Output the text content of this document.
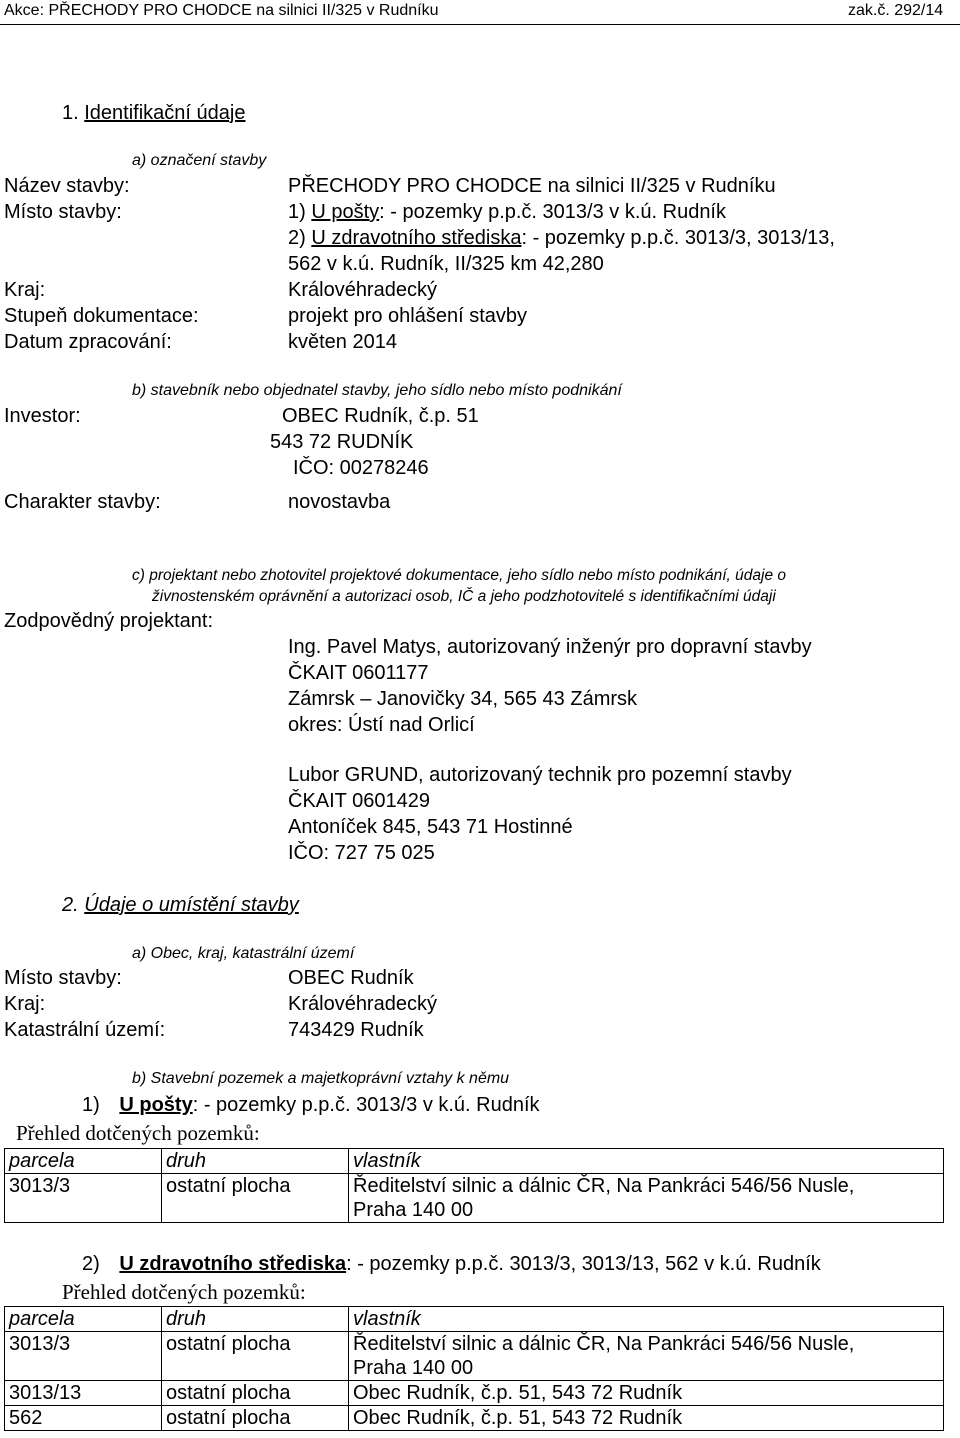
Akce: PŘECHODY PRO CHODCE na silnici II/325 v Rudníku	zak.č. 292/14
1. Identifikační údaje
a) označení stavby
Název stavby:	PŘECHODY PRO CHODCE na silnici II/325 v Rudníku
Místo stavby:	1) U pošty: - pozemky p.p.č. 3013/3 v k.ú. Rudník
2) U zdravotního střediska: - pozemky p.p.č. 3013/3, 3013/13,
562 v k.ú. Rudník, II/325 km 42,280
Kraj:	Královéhradecký
Stupeň dokumentace:	projekt pro ohlášení stavby
Datum zpracování:	květen 2014
b) stavebník nebo objednatel stavby, jeho sídlo nebo místo podnikání
Investor:	OBEC Rudník, č.p. 51
543 72 RUDNÍK
IČO: 00278246
Charakter stavby:	novostavba
c) projektant nebo zhotovitel projektové dokumentace, jeho sídlo nebo místo podnikání, údaje o
živnostenském oprávnění a autorizaci osob, IČ a jeho podzhotovitelé s identifikačními údaji
Zodpovědný projektant:
Ing. Pavel Matys, autorizovaný inženýr pro dopravní stavby
ČKAIT 0601177
Zámrsk – Janovičky 34, 565 43 Zámrsk
okres: Ústí nad Orlicí
Lubor GRUND, autorizovaný technik pro pozemní stavby
ČKAIT 0601429
Antoníček 845, 543 71 Hostinné
IČO: 727 75 025
2. Údaje o umístění stavby
a) Obec, kraj, katastrální území
Místo stavby:	OBEC Rudník
Kraj:	Královéhradecký
Katastrální území:	743429 Rudník
b) Stavební pozemek a majetkoprávní vztahy k němu
1) U pošty: - pozemky p.p.č. 3013/3 v k.ú. Rudník
Přehled dotčených pozemků:
parcela	druh	vlastník
3013/3	ostatní plocha	Ředitelství silnic a dálnic ČR, Na Pankráci 546/56 Nusle,
Praha 140 00
2) U zdravotního střediska: - pozemky p.p.č. 3013/3, 3013/13, 562 v k.ú. Rudník
Přehled dotčených pozemků:
parcela	druh	vlastník
3013/3	ostatní plocha	Ředitelství silnic a dálnic ČR, Na Pankráci 546/56 Nusle,
Praha 140 00

3013/13	ostatní plocha	Obec Rudník, č.p. 51, 543 72 Rudník
562	ostatní plocha	Obec Rudník, č.p. 51, 543 72 Rudník
